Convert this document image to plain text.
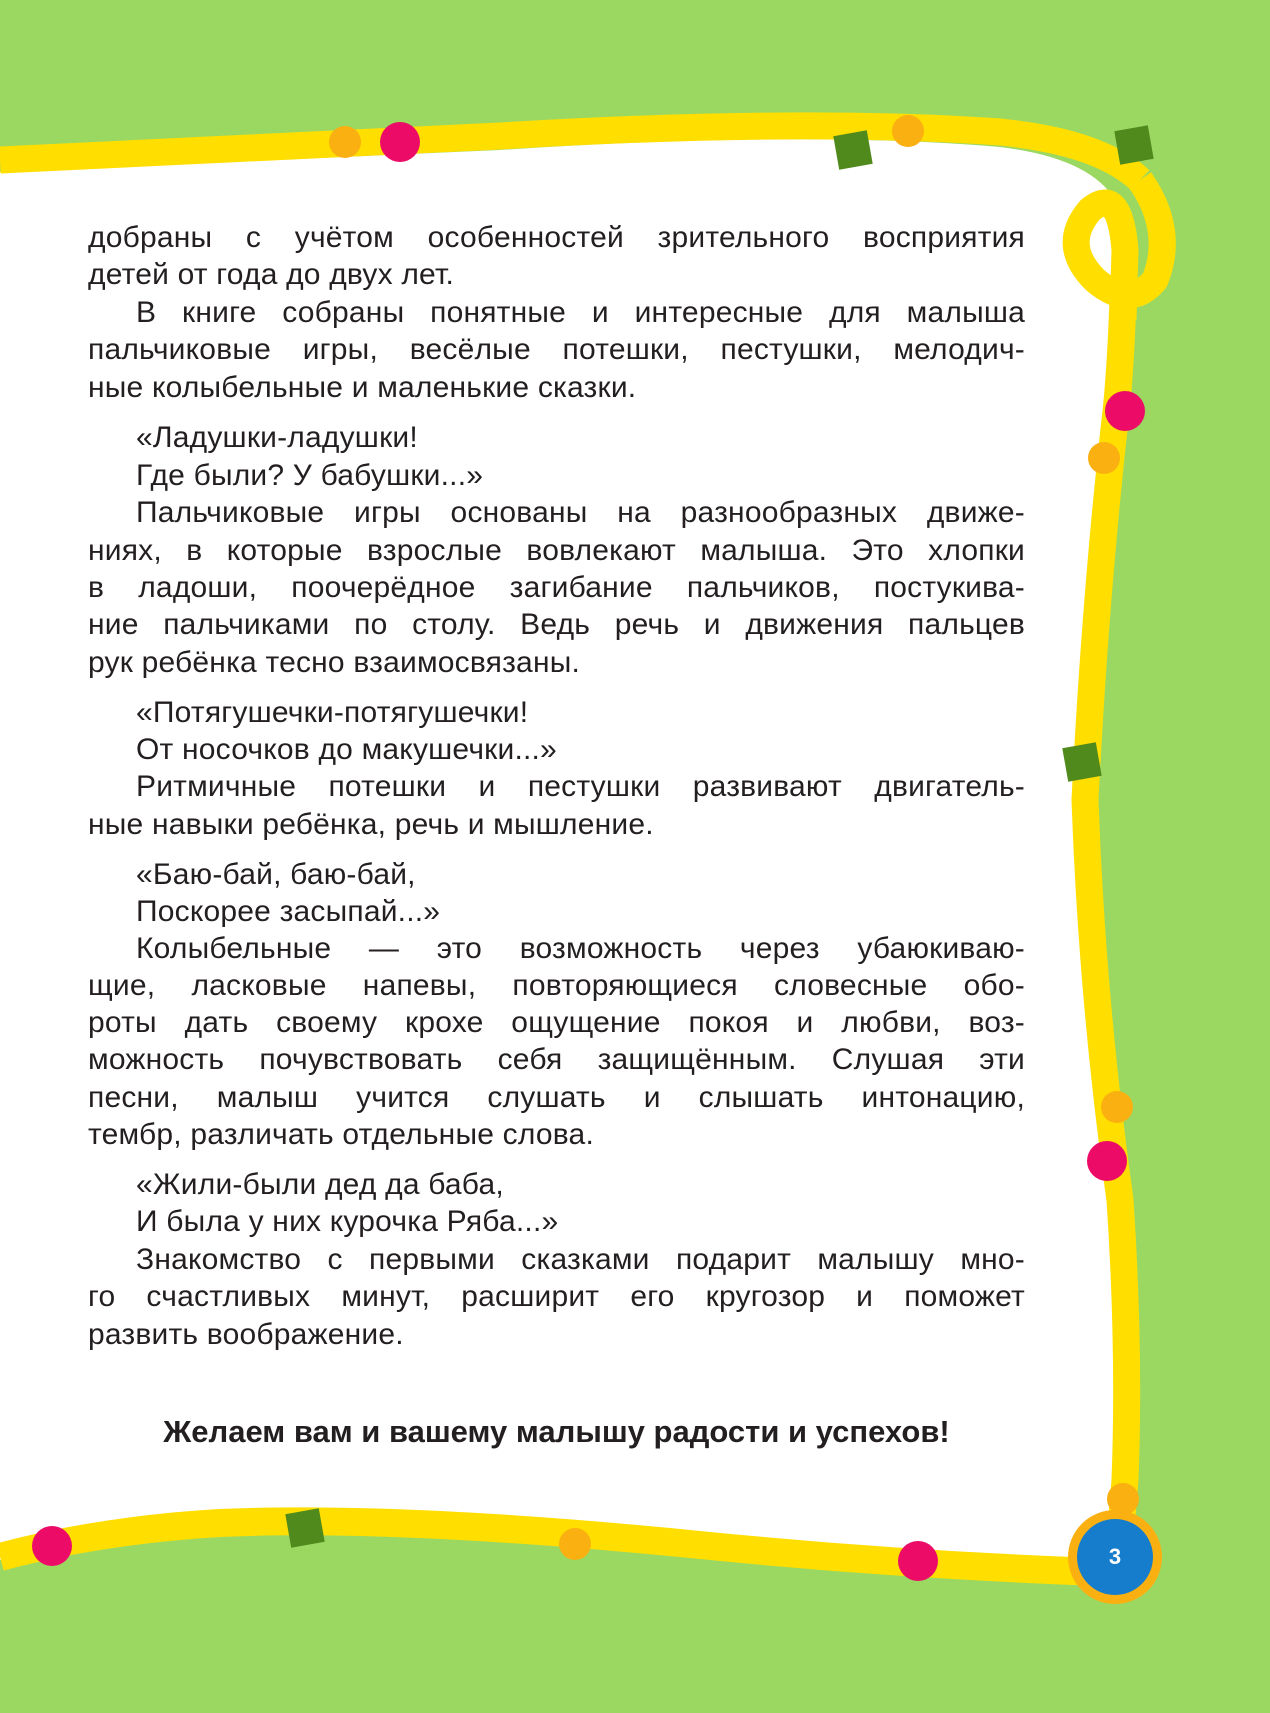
добраны с учётом особенностей зрительного восприятия
детей от года до двух лет.
В книге собраны понятные и интересные для малыша
пальчиковые игры, весёлые потешки, пестушки, мелодич-
ные колыбельные и маленькие сказки.
«Ладушки-ладушки!
Где были? У бабушки...»
Пальчиковые игры основаны на разнообразных движе-
ниях, в которые взрослые вовлекают малыша. Это хлопки
в ладоши, поочерёдное загибание пальчиков, постукива-
ние пальчиками по столу. Ведь речь и движения пальцев
рук ребёнка тесно взаимосвязаны.
«Потягушечки-потягушечки!
От носочков до макушечки...»
Ритмичные потешки и пестушки развивают двигатель-
ные навыки ребёнка, речь и мышление.
«Баю-бай, баю-бай,
Поскорее засыпай...»
Колыбельные — это возможность через убаюкиваю-
щие, ласковые напевы, повторяющиеся словесные обо-
роты дать своему крохе ощущение покоя и любви, воз-
можность почувствовать себя защищённым. Слушая эти
песни, малыш учится слушать и слышать интонацию,
тембр, различать отдельные слова.
«Жили-были дед да баба,
И была у них курочка Ряба...»
Знакомство с первыми сказками подарит малышу мно-
го счастливых минут, расширит его кругозор и поможет
развить воображение.
Желаем вам и вашему малышу радости и успехов!
3
